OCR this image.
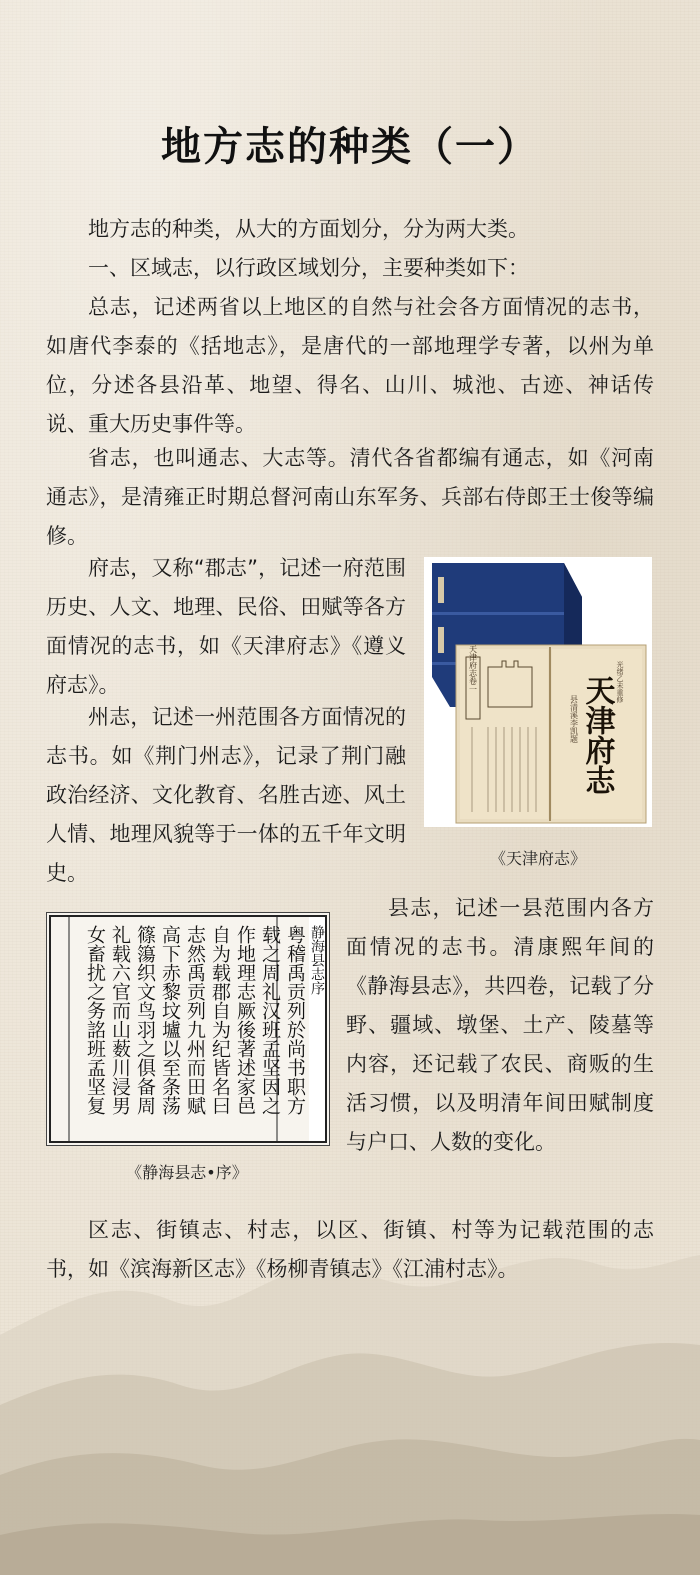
地方志的种类（一）

地方志的种类，从大的方面划分，分为两大类。

一、区域志，以行政区域划分，主要种类如下：

总志，记述两省以上地区的自然与社会各方面情况的志书，如唐代李泰的《括地志》，是唐代的一部地理学专著，以州为单位，分述各县沿革、地望、得名、山川、城池、古迹、神话传说、重大历史事件等。

省志，也叫通志、大志等。清代各省都编有通志，如《河南通志》，是清雍正时期总督河南山东军务、兵部右侍郎王士俊等编修。

府志，又称“郡志”，记述一府范围历史、人文、地理、民俗、田赋等各方面情况的志书，如《天津府志》《遵义府志》。

州志，记述一州范围各方面情况的志书。如《荆门州志》，记录了荆门融政治经济、文化教育、名胜古迹、风土人情、地理风貌等于一体的五千年文明史。

天津府志卷一	光绪乙未重修
天津府志
县清溪李凯题
《天津府志》
粤稽禹贡列於尚书职方
载之周礼汉班孟坚因之
作地理志厥後著述家邑
自为载郡自为纪皆名曰
志然禹贡列九州而田赋
高下赤黎坟壚以至条荡
篠簜织文鸟羽之俱备周
礼载六官而山薮川浸男
女畜扰之务詺班孟坚复	静海县志序
《静海县志•序》

县志，记述一县范围内各方面情况的志书。清康熙年间的《静海县志》，共四卷，记载了分野、疆域、墩堡、土产、陵墓等内容，还记载了农民、商贩的生活习惯，以及明清年间田赋制度与户口、人数的变化。

区志、街镇志、村志，以区、街镇、村等为记载范围的志书，如《滨海新区志》《杨柳青镇志》《江浦村志》。
